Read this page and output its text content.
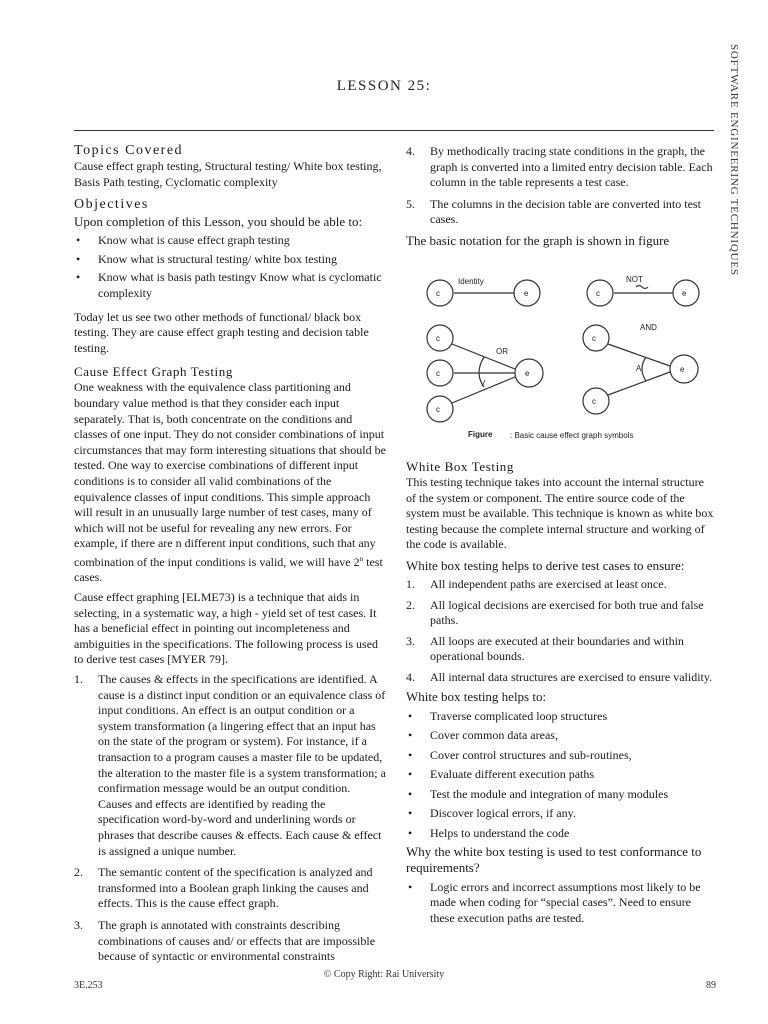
SOFTWARE ENGINEERING TECHNIQUES
LESSON 25:

Topics Covered

Cause effect graph testing, Structural testing/ White box testing, Basis Path testing, Cyclomatic complexity

Objectives

Upon completion of this Lesson, you should be able to:

• Know what is cause effect graph testing
• Know what is structural testing/ white box testing
• Know what is basis path testingv Know what is cyclomatic complexity

Today let us see two other methods of functional/ black box testing. They are cause effect graph testing and decision table testing.

Cause Effect Graph Testing

One weakness with the equivalence class partitioning and boundary value method is that they consider each input separately. That is, both concentrate on the conditions and classes of one input. They do not consider combinations of input circumstances that may form interesting situations that should be tested. One way to exercise combinations of different input conditions is to consider all valid combinations of the equivalence classes of input conditions. This simple approach will result in an unusually large number of test cases, many of which will not be useful for revealing any new errors. For example, if there are n different input conditions, such that any combination of the input conditions is valid, we will have 2$^n$ test cases.

Cause effect graphing [ELME73) is a technique that aids in selecting, in a systematic way, a high - yield set of test cases. It has a beneficial effect in pointing out incompleteness and ambiguities in the specifications. The following process is used to derive test cases [MYER 79].

1. The causes & effects in the specifications are identified. A cause is a distinct input condition or an equivalence class of input conditions. An effect is an output condition or a system transformation (a lingering effect that an input has on the state of the program or system). For instance, if a transaction to a program causes a master file to be updated, the alteration to the master file is a system transformation; a confirmation message would be an output condition. Causes and effects are identified by reading the specification word-by-word and underlining words or phrases that describe causes & effects. Each cause & effect is assigned a unique number.
2. The semantic content of the specification is analyzed and transformed into a Boolean graph linking the causes and effects. This is the cause effect graph.
3. The graph is annotated with constraints describing combinations of causes and/ or effects that are impossible because of syntactic or environmental constraints
4. By methodically tracing state conditions in the graph, the graph is converted into a limited entry decision table. Each column in the table represents a test case.
5. The columns in the decision table are converted into test cases.

The basic notation for the graph is shown in figure

Identity	NOT
OR
AND
V
A
c	e	c	e
c
c
c
e
c
c
e
Figure : Basic cause effect graph symbols

White Box Testing

This testing technique takes into account the internal structure of the system or component. The entire source code of the system must be available. This technique is known as white box testing because the complete internal structure and working of the code is available.

White box testing helps to derive test cases to ensure:

1. All independent paths are exercised at least once.
2. All logical decisions are exercised for both true and false paths.
3. All loops are executed at their boundaries and within operational bounds.
4. All internal data structures are exercised to ensure validity.

White box testing helps to:

• Traverse complicated loop structures
• Cover common data areas,
• Cover control structures and sub-routines,
• Evaluate different execution paths
• Test the module and integration of many modules
• Discover logical errors, if any.
• Helps to understand the code

Why the white box testing is used to test conformance to requirements?

• Logic errors and incorrect assumptions most likely to be made when coding for “special cases”. Need to ensure these execution paths are tested.
© Copy Right: Rai University
3E.253	89
